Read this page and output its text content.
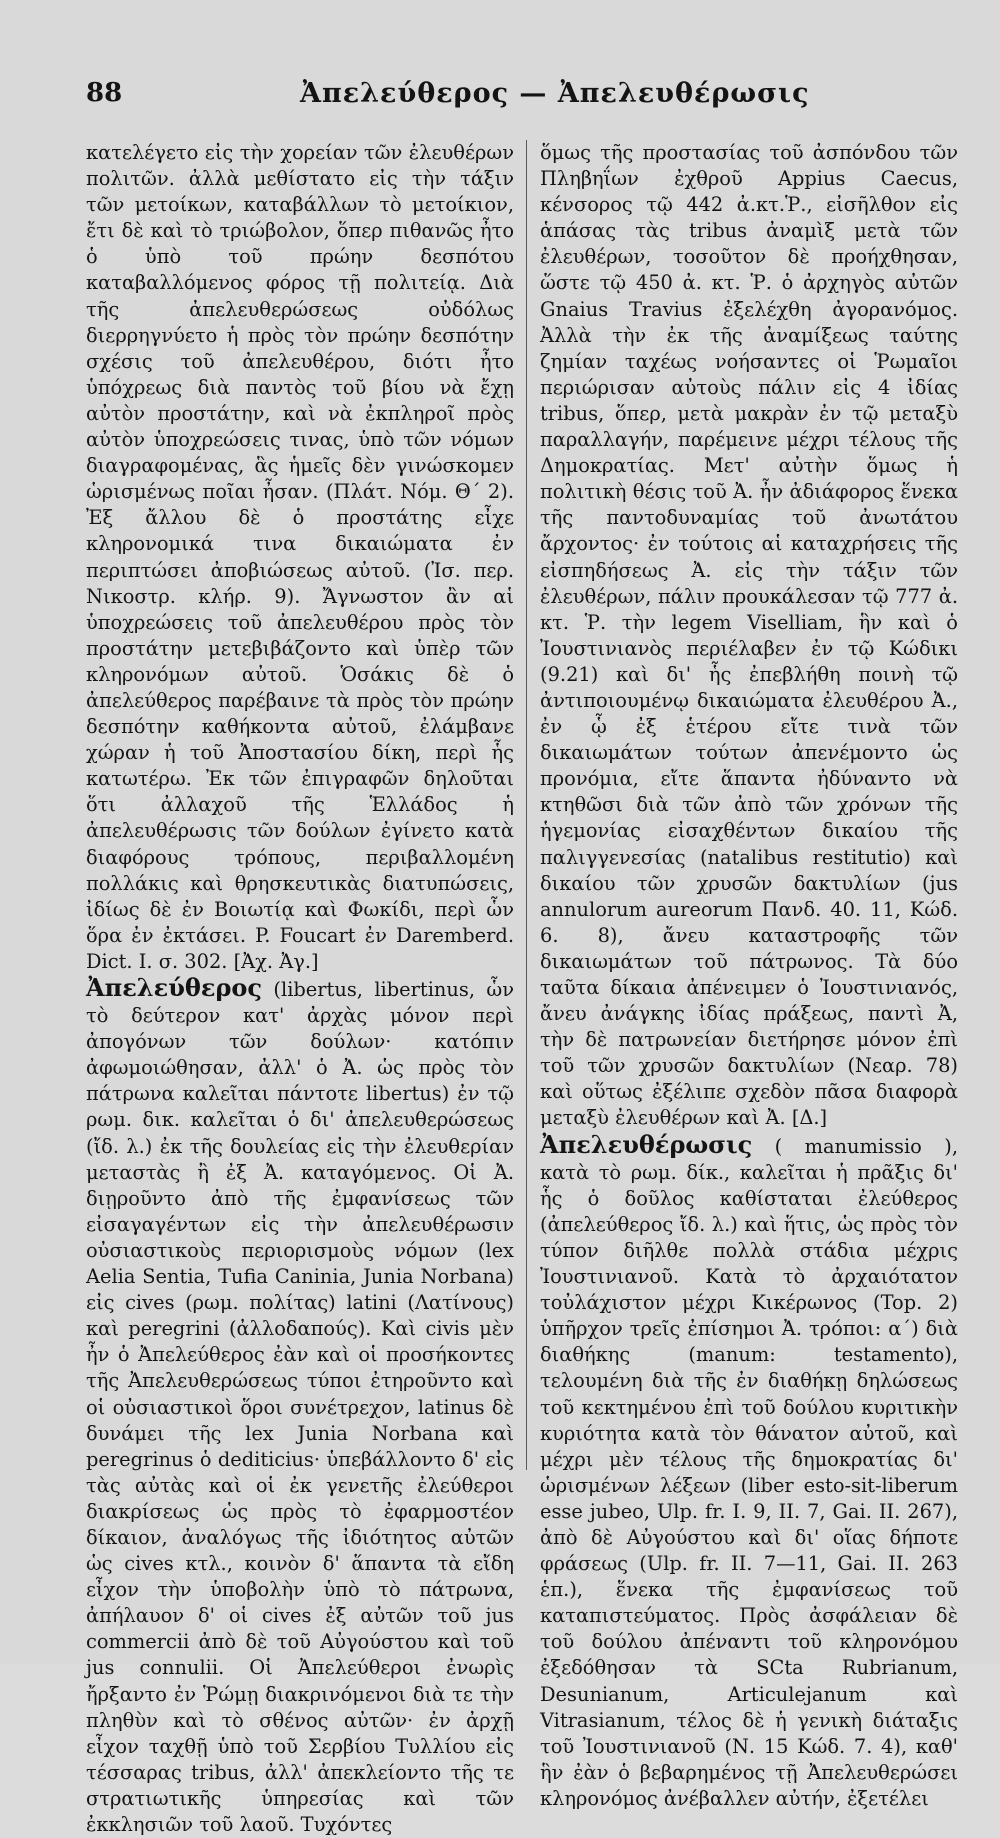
88	Ἀπελεύθερος — Ἀπελευθέρωσις

κατελέγετο εἰς τὴν χορείαν τῶν ἐλευθέρων πολιτῶν. ἀλλὰ μεθίστατο εἰς τὴν τάξιν τῶν μετοίκων, καταβάλλων τὸ μετοίκιον, ἔτι δὲ καὶ τὸ τριώβολον, ὅπερ πιθανῶς ἦτο ὁ ὑπὸ τοῦ πρώην δεσπότου καταβαλλόμενος φόρος τῇ πολιτείᾳ. Διὰ τῆς ἀπελευθερώσεως οὐδόλως διερρηγνύετο ἡ πρὸς τὸν πρώην δεσπότην σχέσις τοῦ ἀπελευθέρου, διότι ἦτο ὑπόχρεως διὰ παντὸς τοῦ βίου νὰ ἔχῃ αὐτὸν προστάτην, καὶ νὰ ἐκπληροῖ πρὸς αὐτὸν ὑποχρεώσεις τινας, ὑπὸ τῶν νόμων διαγραφομένας, ἃς ἡμεῖς δὲν γινώσκομεν ὡρισμένως ποῖαι ἦσαν. (Πλάτ. Νόμ. Θ΄ 2). Ἐξ ἄλλου δὲ ὁ προστάτης εἶχε κληρονομικά τινα δικαιώματα ἐν περιπτώσει ἀποβιώσεως αὐτοῦ. (Ἰσ. περ. Νικοστρ. κλήρ. 9). Ἄγνωστον ἂν αἱ ὑποχρεώσεις τοῦ ἀπελευθέρου πρὸς τὸν προστάτην μετεβιβάζοντο καὶ ὑπὲρ τῶν κληρονόμων αὐτοῦ. Ὁσάκις δὲ ὁ ἀπελεύθερος παρέβαινε τὰ πρὸς τὸν πρώην δεσπότην καθήκοντα αὐτοῦ, ἐλάμβανε χώραν ἡ τοῦ Ἀποστασίου δίκη, περὶ ἧς κατωτέρω. Ἐκ τῶν ἐπιγραφῶν δηλοῦται ὅτι ἀλλαχοῦ τῆς Ἑλλάδος ἡ ἀπελευθέρωσις τῶν δούλων ἐγίνετο κατὰ διαφόρους τρόπους, περιβαλλομένη πολλάκις καὶ θρησκευτικὰς διατυπώσεις, ἰδίως δὲ ἐν Βοιωτίᾳ καὶ Φωκίδι, περὶ ὧν ὅρα ἐν ἐκτάσει. P. Foucart ἐν Daremberd. Dict. I. σ. 302. [Ἀχ. Ἀγ.]

Ἀπελεύθερος (libertus, libertinus, ὧν τὸ δεύτερον κατ' ἀρχὰς μόνον περὶ ἀπογόνων τῶν δούλων· κατόπιν ἀφωμοιώθησαν, ἀλλ' ὁ Ἀ. ὡς πρὸς τὸν πάτρωνα καλεῖται πάντοτε libertus) ἐν τῷ ρωμ. δικ. καλεῖται ὁ δι' ἀπελευθερώσεως (ἴδ. λ.) ἐκ τῆς δουλείας εἰς τὴν ἐλευθερίαν μεταστὰς ἢ ἐξ Ἀ. καταγόμενος. Οἱ Ἀ. διῃροῦντο ἀπὸ τῆς ἐμφανίσεως τῶν εἰσαγαγέντων εἰς τὴν ἀπελευθέρωσιν οὐσιαστικοὺς περιορισμοὺς νόμων (lex Aelia Sentia, Tufia Caninia, Junia Norbana) εἰς cives (ρωμ. πολίτας) latini (Λατίνους) καὶ peregrini (ἀλλοδαπούς). Καὶ civis μὲν ἦν ὁ Ἀπελεύθερος ἐὰν καὶ οἱ προσήκοντες τῆς Ἀπελευθερώσεως τύποι ἐτηροῦντο καὶ οἱ οὐσιαστικοὶ ὅροι συνέτρεχον, latinus δὲ δυνάμει τῆς lex Junia Norbana καὶ peregrinus ὁ dediticius· ὑπεβάλλοντο δ' εἰς τὰς αὐτὰς καὶ οἱ ἐκ γενετῆς ἐλεύθεροι διακρίσεως ὡς πρὸς τὸ ἐφαρμοστέον δίκαιον, ἀναλόγως τῆς ἰδιότητος αὐτῶν ὡς cives κτλ., κοινὸν δ' ἅπαντα τὰ εἴδη εἶχον τὴν ὑποβολὴν ὑπὸ τὸ πάτρωνα, ἀπήλαυον δ' οἱ cives ἐξ αὐτῶν τοῦ jus commercii ἀπὸ δὲ τοῦ Αὐγούστου καὶ τοῦ jus connulii. Οἱ Ἀπελεύθεροι ἐνωρὶς ἤρξαντο ἐν Ῥώμῃ διακρινόμενοι διὰ τε τὴν πληθὺν καὶ τὸ σθένος αὐτῶν· ἐν ἀρχῇ εἶχον ταχθῇ ὑπὸ τοῦ Σερβίου Τυλλίου εἰς τέσσαρας tribus, ἀλλ' ἀπεκλείοντο τῆς τε στρατιωτικῆς ὑπηρεσίας καὶ τῶν ἐκκλησιῶν τοῦ λαοῦ. Τυχόντες

ὅμως τῆς προστασίας τοῦ ἀσπόνδου τῶν Πληβηΐων ἐχθροῦ Appius Caecus, κένσορος τῷ 442 ἀ.κτ.Ῥ., εἰσῆλθον εἰς ἁπάσας τὰς tribus ἀναμὶξ μετὰ τῶν ἐλευθέρων, τοσοῦτον δὲ προήχθησαν, ὥστε τῷ 450 ἀ. κτ. Ῥ. ὁ ἀρχηγὸς αὐτῶν Gnaius Travius ἐξελέχθη ἀγορανόμος. Ἀλλὰ τὴν ἐκ τῆς ἀναμίξεως ταύτης ζημίαν ταχέως νοήσαντες οἱ Ῥωμαῖοι περιώρισαν αὐτοὺς πάλιν εἰς 4 ἰδίας tribus, ὅπερ, μετὰ μακρὰν ἐν τῷ μεταξὺ παραλλαγήν, παρέμεινε μέχρι τέλους τῆς Δημοκρατίας. Μετ' αὐτὴν ὅμως ἡ πολιτικὴ θέσις τοῦ Ἀ. ἦν ἀδιάφορος ἕνεκα τῆς παντοδυναμίας τοῦ ἀνωτάτου ἄρχοντος· ἐν τούτοις αἱ καταχρήσεις τῆς εἰσπηδήσεως Ἀ. εἰς τὴν τάξιν τῶν ἐλευθέρων, πάλιν προυκάλεσαν τῷ 777 ἀ. κτ. Ῥ. τὴν legem Viselliam, ἣν καὶ ὁ Ἰουστινιανὸς περιέλαβεν ἐν τῷ Κώδικι (9.21) καὶ δι' ἧς ἐπεβλήθη ποινὴ τῷ ἀντιποιουμένῳ δικαιώματα ἐλευθέρου Ἀ., ἐν ᾧ ἐξ ἑτέρου εἴτε τινὰ τῶν δικαιωμάτων τούτων ἀπενέμοντο ὡς προνόμια, εἴτε ἅπαντα ἠδύναντο νὰ κτηθῶσι διὰ τῶν ἀπὸ τῶν χρόνων τῆς ἡγεμονίας εἰσαχθέντων δικαίου τῆς παλιγγενεσίας (natalibus restitutio) καὶ δικαίου τῶν χρυσῶν δακτυλίων (jus annulorum aureorum Πανδ. 40. 11, Κώδ. 6. 8), ἄνευ καταστροφῆς τῶν δικαιωμάτων τοῦ πάτρωνος. Τὰ δύο ταῦτα δίκαια ἀπένειμεν ὁ Ἰουστινιανός, ἄνευ ἀνάγκης ἰδίας πράξεως, παντὶ Ἀ, τὴν δὲ πατρωνείαν διετήρησε μόνον ἐπὶ τοῦ τῶν χρυσῶν δακτυλίων (Νεαρ. 78) καὶ οὕτως ἐξέλιπε σχεδὸν πᾶσα διαφορὰ μεταξὺ ἐλευθέρων καὶ Ἀ. [Δ.]

Ἀπελευθέρωσις ( manumissio ), κατὰ τὸ ρωμ. δίκ., καλεῖται ἡ πρᾶξις δι' ἧς ὁ δοῦλος καθίσταται ἐλεύθερος (ἀπελεύθερος ἴδ. λ.) καὶ ἥτις, ὡς πρὸς τὸν τύπον διῆλθε πολλὰ στάδια μέχρις Ἰουστινιανοῦ. Κατὰ τὸ ἀρχαιότατον τοὐλάχιστον μέχρι Κικέρωνος (Top. 2) ὑπῆρχον τρεῖς ἐπίσημοι Ἀ. τρόποι: α΄) διὰ διαθήκης (manum: testamento), τελουμένη διὰ τῆς ἐν διαθήκῃ δηλώσεως τοῦ κεκτημένου ἐπὶ τοῦ δούλου κυριτικὴν κυριότητα κατὰ τὸν θάνατον αὐτοῦ, καὶ μέχρι μὲν τέλους τῆς δημοκρατίας δι' ὡρισμένων λέξεων (liber esto-sit-liberum esse jubeo, Ulp. fr. I. 9, II. 7, Gai. II. 267), ἀπὸ δὲ Αὐγούστου καὶ δι' οἵας δήποτε φράσεως (Ulp. fr. II. 7—11, Gai. II. 263 ἑπ.), ἕνεκα τῆς ἐμφανίσεως τοῦ καταπιστεύματος. Πρὸς ἀσφάλειαν δὲ τοῦ δούλου ἀπέναντι τοῦ κληρονόμου ἐξεδόθησαν τὰ SCta Rubrianum, Desunianum, Articulejanum καὶ Vitrasianum, τέλος δὲ ἡ γενικὴ διάταξις τοῦ Ἰουστινιανοῦ (Ν. 15 Κώδ. 7. 4), καθ' ἣν ἐὰν ὁ βεβαρημένος τῇ Ἀπελευθερώσει κληρονόμος ἀνέβαλλεν αὐτήν, ἐξετέλει
